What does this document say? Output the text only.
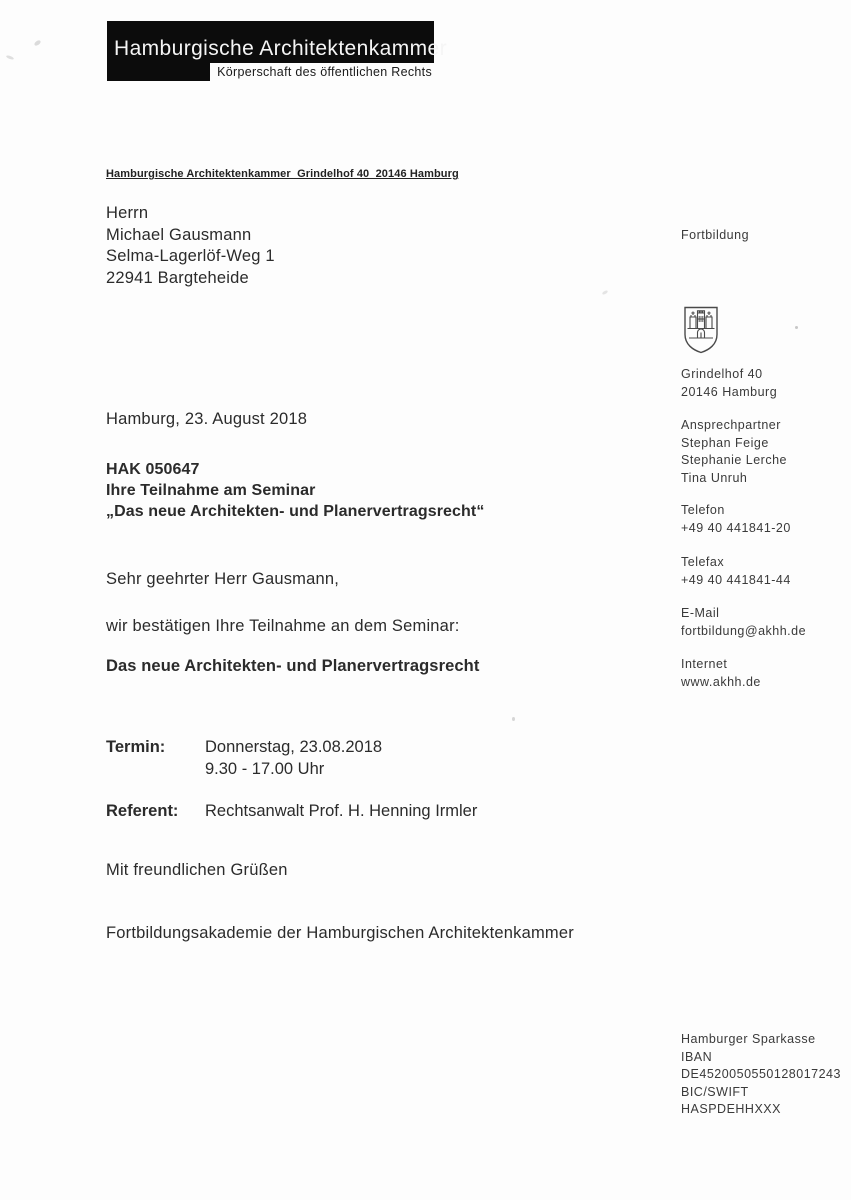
Hamburgische Architektenkammer
Körperschaft des öffentlichen Rechts
Hamburgische Architektenkammer  Grindelhof 40  20146 Hamburg
Herrn
Michael Gausmann
Selma-Lagerlöf-Weg 1
22941 Bargteheide
Hamburg, 23. August 2018
HAK 050647
Ihre Teilnahme am Seminar
„Das neue Architekten- und Planervertragsrecht“
Sehr geehrter Herr Gausmann,
wir bestätigen Ihre Teilnahme an dem Seminar:
Das neue Architekten- und Planervertragsrecht
Termin:	Donnerstag, 23.08.2018
9.30 - 17.00 Uhr
Referent:	Rechtsanwalt Prof. H. Henning Irmler
Mit freundlichen Grüßen
Fortbildungsakademie der Hamburgischen Architektenkammer
Fortbildung
Grindelhof 40
20146 Hamburg
Ansprechpartner
Stephan Feige
Stephanie Lerche
Tina Unruh
Telefon
+49 40 441841-20
Telefax
+49 40 441841-44
E-Mail
fortbildung@akhh.de
Internet
www.akhh.de
Hamburger Sparkasse
IBAN
DE4520050550128017243
BIC/SWIFT
HASPDEHHXXX
